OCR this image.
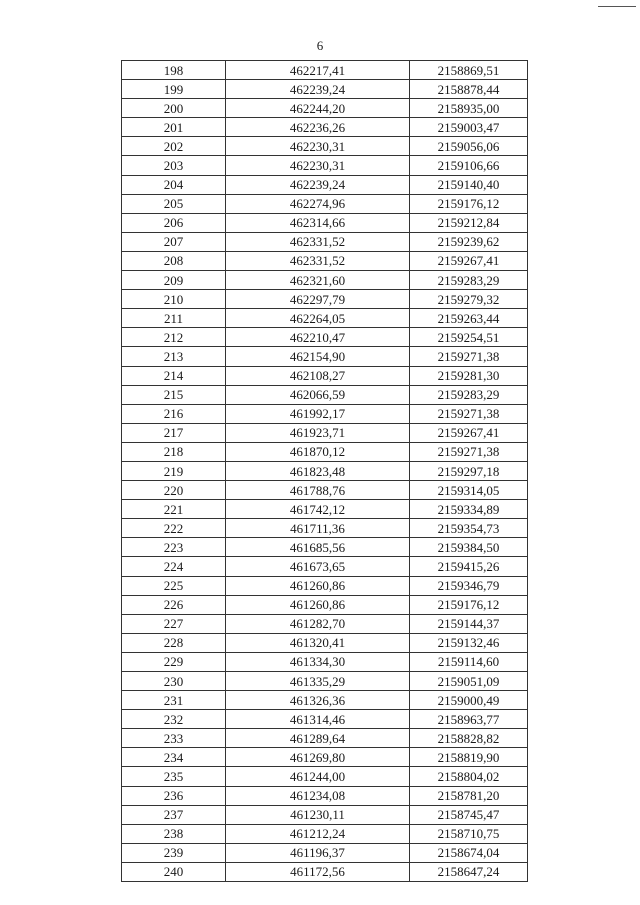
6
198	462217,41	2158869,51
199	462239,24	2158878,44
200	462244,20	2158935,00
201	462236,26	2159003,47
202	462230,31	2159056,06
203	462230,31	2159106,66
204	462239,24	2159140,40
205	462274,96	2159176,12
206	462314,66	2159212,84
207	462331,52	2159239,62
208	462331,52	2159267,41
209	462321,60	2159283,29
210	462297,79	2159279,32
211	462264,05	2159263,44
212	462210,47	2159254,51
213	462154,90	2159271,38
214	462108,27	2159281,30
215	462066,59	2159283,29
216	461992,17	2159271,38
217	461923,71	2159267,41
218	461870,12	2159271,38
219	461823,48	2159297,18
220	461788,76	2159314,05
221	461742,12	2159334,89
222	461711,36	2159354,73
223	461685,56	2159384,50
224	461673,65	2159415,26
225	461260,86	2159346,79
226	461260,86	2159176,12
227	461282,70	2159144,37
228	461320,41	2159132,46
229	461334,30	2159114,60
230	461335,29	2159051,09
231	461326,36	2159000,49
232	461314,46	2158963,77
233	461289,64	2158828,82
234	461269,80	2158819,90
235	461244,00	2158804,02
236	461234,08	2158781,20
237	461230,11	2158745,47
238	461212,24	2158710,75
239	461196,37	2158674,04
240	461172,56	2158647,24
